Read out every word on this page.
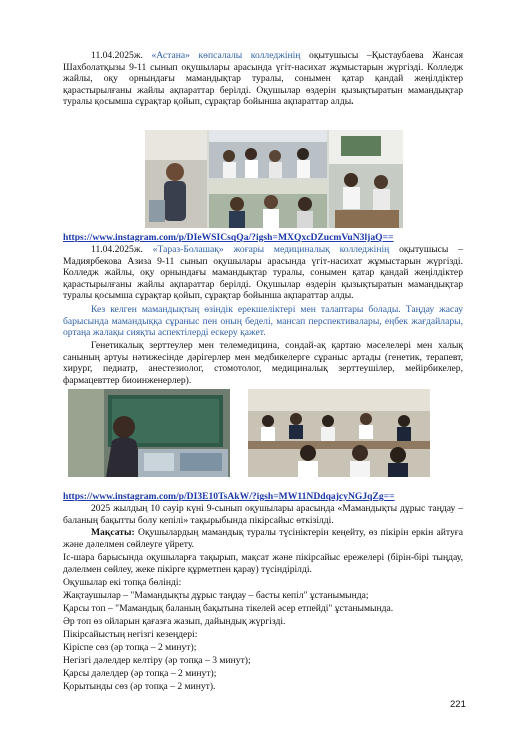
11.04.2025ж. «Астана» көпсалалы колледжінің оқытушысы –Қыстаубаева Жансая Шахболатқызы 9-11 сынып оқушылары арасында үгіт-насихат жұмыстарын жүргізді. Колледж жайлы, оқу орнындағы мамандықтар туралы, сонымен қатар қандай жеңілдіктер қарастырылғаны жайлы ақпараттар берілді. Оқушылар өздерін қызықтыратын мамандықтар туралы қосымша сұрақтар қойып, сұрақтар бойынша ақпараттар алды.
https://www.instagram.com/p/DIeWSICsqQa/?igsh=MXQxcDZucmVuN3ljaQ==
11.04.2025ж. «Тараз-Болашақ» жоғары медициналық колледжінің оқытушысы – Мадиярбекова Азиза 9-11 сынып оқушылары арасында үгіт-насихат жұмыстарын жүргізді. Колледж жайлы, оқу орнындағы мамандықтар туралы, сонымен қатар қандай жеңілдіктер қарастырылғаны жайлы ақпараттар берілді. Оқушылар өздерін қызықтыратын мамандықтар туралы қосымша сұрақтар қойып, сұрақтар бойынша ақпараттар алды.
Кез келген мамандықтың өзіндік ерекшеліктері мен талаптары болады. Таңдау жасау барысында мамандыққа сұраныс пен оның беделі, мансап перспективалары, еңбек жағдайлары, ортаңа жалақы сияқты аспектілерді ескеру қажет.
Генетикалық зерттеулер мен телемедицина, сондай-ақ қартаю мәселелері мен халық санының артуы нәтижесінде дәрігерлер мен медбикелерге сұраныс артады (генетик, терапевт, хирург, педиатр, анестезиолог, стомотолог, медициналық зерттеушілер, мейірбикелер, фармацевттер биоинженерлер).
https://www.instagram.com/p/DI3E10TsAkW/?igsh=MW11NDdqajcyNGJqZg==
2025 жылдың 10 сәуір күні 9-сынып оқушылары арасында «Мамандықты дұрыс таңдау – баланың бақытты болу кепілі» тақырыбында пікірсайыс өткізілді.
Мақсаты: Оқушылардың мамандық туралы түсініктерін кеңейту, өз пікірін еркін айтуға және дәлелмен сөйлеуге үйрету.
Іс-шара барысында оқушыларға тақырып, мақсат және пікірсайыс ережелері (бірін-бірі тыңдау, дәлелмен сөйлеу, жеке пікірге құрметпен қарау) түсіндірілді.
Оқушылар екі топқа бөлінді:
Жақтаушылар – "Мамандықты дұрыс таңдау – басты кепіл" ұстанымында;
Қарсы топ – "Мамандық баланың бақытына тікелей әсер етпейді" ұстанымында.
Әр топ өз ойларын қағазға жазып, дайындық жүргізді.
Пікірсайыстың негізгі кезеңдері:
Кіріспе сөз (әр топқа – 2 минут);
Негізгі дәлелдер келтіру (әр топқа – 3 минут);
Қарсы дәлелдер (әр топқа – 2 минут);
Қорытынды сөз (әр топқа – 2 минут).
221
